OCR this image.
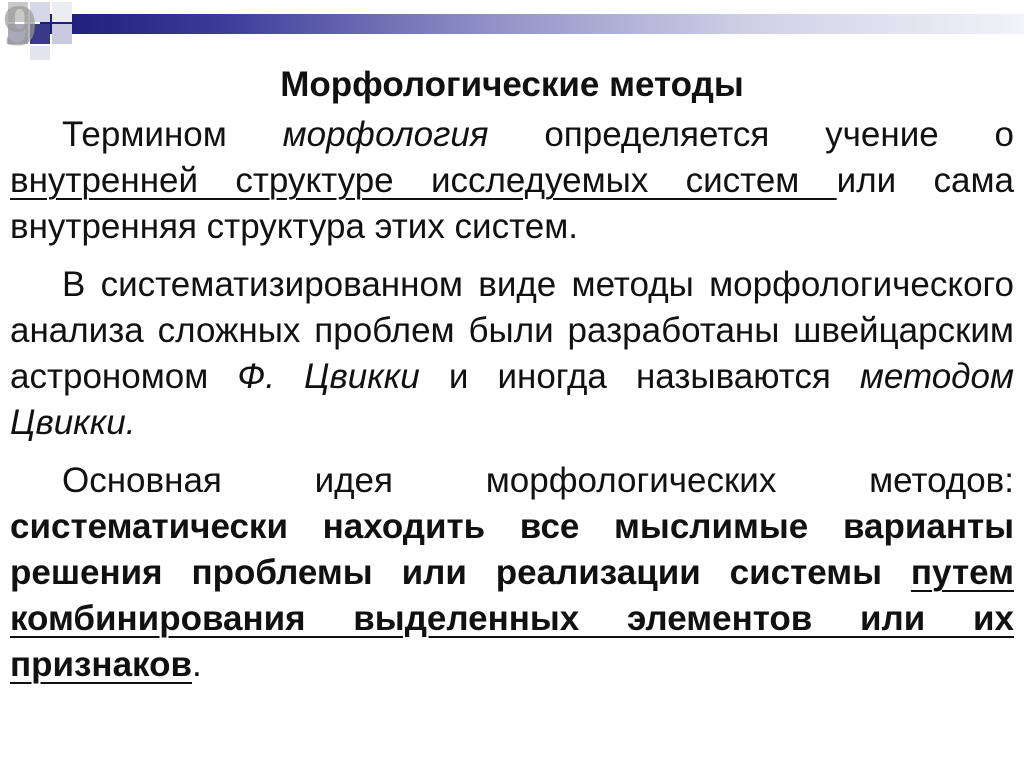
9
Морфологические методы

Термином морфология определяется учение о внутренней структуре исследуемых систем или сама внутренняя структура этих систем.

В систематизированном виде методы морфологического анализа сложных проблем были разработаны швейцарским астрономом Ф. Цвикки и иногда называются методом Цвикки.

Основная идея морфологических методов: систематически находить все мыслимые варианты решения проблемы или реализации системы путем комбинирования выделенных элементов или их признаков.
